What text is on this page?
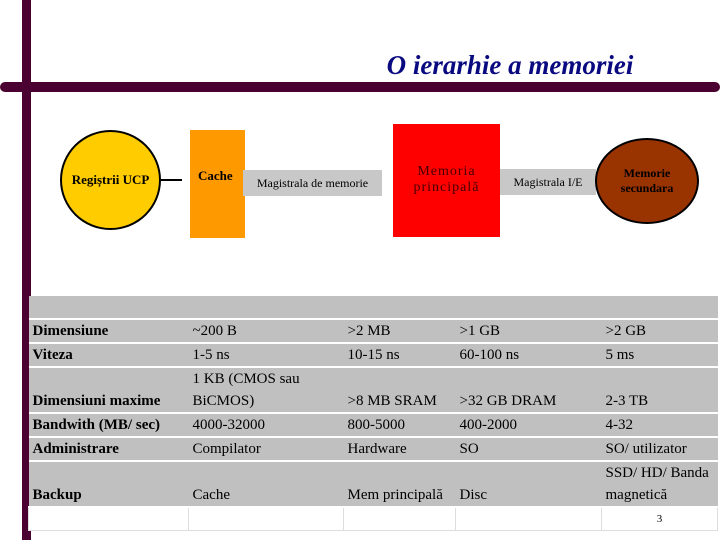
O ierarhie a memoriei
Regiștrii UCP	Cache	Magistrala de memorie
Memoria principală	Magistrala I/E
Memorie secundara

Dimensiune	~200 B	>2 MB	>1 GB	>2 GB
Viteza	1-5 ns	10-15 ns	60-100 ns	5 ms
Dimensiuni maxime	1 KB (CMOS sau BiCMOS)	>8 MB SRAM	>32 GB DRAM	2-3 TB
Bandwith (MB/ sec)	4000-32000	800-5000	400-2000	4-32
Administrare	Compilator	Hardware	SO	SO/ utilizator
Backup	Cache	Mem principală	Disc	SSD/ HD/ Banda magnetică
				3
